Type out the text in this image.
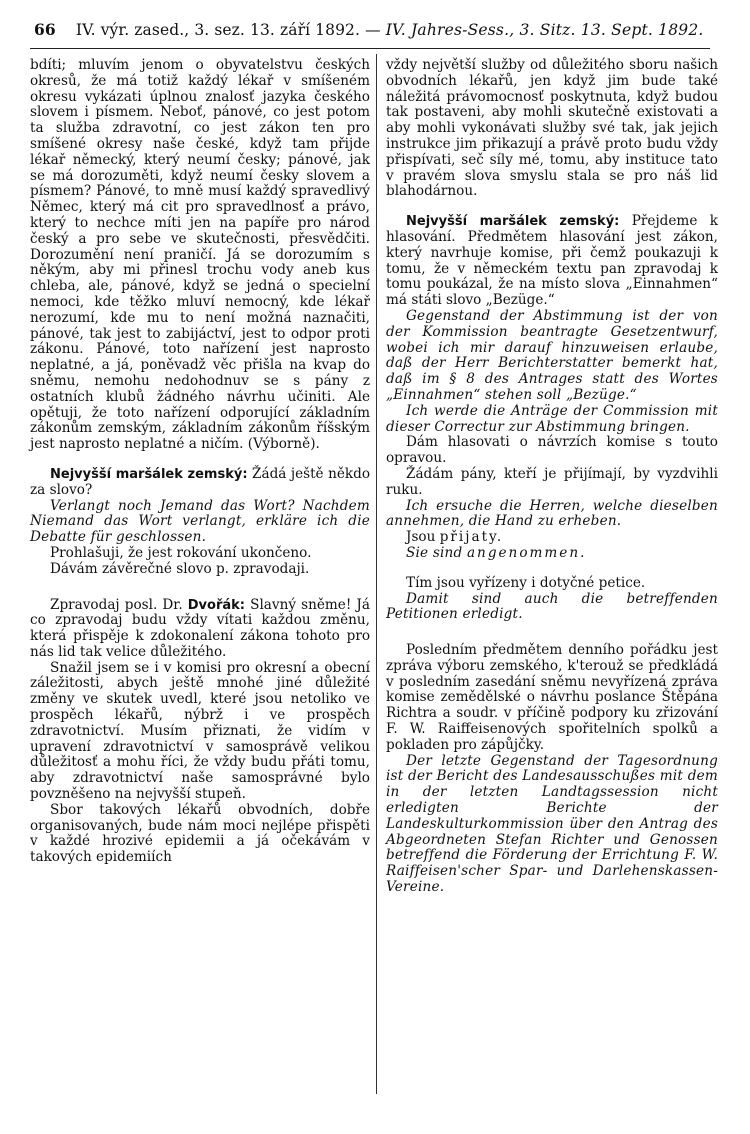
66 IV. výr. zased., 3. sez. 13. září 1892. — IV. Jahres-Sess., 3. Sitz. 13. Sept. 1892.

bdíti; mluvím jenom o obyvatelstvu českých okresů, že má totiž každý lékař v smíšeném okresu vykázati úplnou znalosť jazyka českého slovem i písmem. Neboť, pánové, co jest potom ta služba zdravotní, co jest zákon ten pro smíšené okresy naše české, když tam přijde lékař německý, který neumí česky; pánové, jak se má dorozuměti, když neumí česky slovem a písmem? Pánové, to mně musí každý spravedlivý Němec, který má cit pro spravedlnosť a právo, který to nechce míti jen na papíře pro národ český a pro sebe ve skutečnosti, přesvědčiti. Dorozumění není praničí. Já se dorozumím s někým, aby mi přinesl trochu vody aneb kus chleba, ale, pánové, když se jedná o specielní nemoci, kde těžko mluví nemocný, kde lékař nerozumí, kde mu to není možná naznačiti, pánové, tak jest to zabijáctví, jest to odpor proti zákonu. Pánové, toto nařízení jest naprosto neplatné, a já, poněvadž věc přišla na kvap do sněmu, nemohu nedohodnuv se s pány z ostatních klubů žádného návrhu učiniti. Ale opětuji, že toto nařízení odporující základním zákonům zemským, základním zákonům říšským jest naprosto neplatné a ničím. (Výborně).

Nejvyšší maršálek zemský: Žádá ještě někdo za slovo?

Verlangt noch Jemand das Wort? Nachdem Niemand das Wort verlangt, erkläre ich die Debatte für geschlossen.

Prohlašuji, že jest rokování ukončeno.

Dávám závěrečné slovo p. zpravodaji.

Zpravodaj posl. Dr. Dvořák: Slavný sněme! Já co zpravodaj budu vždy vítati každou změnu, která přispěje k zdokonalení zákona tohoto pro nás lid tak velice důležitého.

Snažil jsem se i v komisi pro okresní a obecní záležitosti, abych ještě mnohé jiné důležité změny ve skutek uvedl, které jsou netoliko ve prospěch lékařů, nýbrž i ve prospěch zdravotnictví. Musím přiznati, že vidím v upravení zdravotnictví v samosprávě velikou důležitosť a mohu říci, že vždy budu přáti tomu, aby zdravotnictví naše samosprávné bylo povzněšeno na nejvyšší stupeň.

Sbor takových lékařů obvodních, dobře organisovaných, bude nám moci nejlépe přispěti v každé hrozivé epidemii a já očekávám v takových epidemiích

vždy největší služby od důležitého sboru našich obvodních lékařů, jen když jim bude také náležitá právomocnosť poskytnuta, když budou tak postaveni, aby mohli skutečně existovati a aby mohli vykonávati služby své tak, jak jejich instrukce jim přikazují a právě proto budu vždy přispívati, seč síly mé, tomu, aby instituce tato v pravém slova smyslu stala se pro náš lid blahodárnou.

Nejvyšší maršálek zemský: Přejdeme k hlasování. Předmětem hlasování jest zákon, který navrhuje komise, při čemž poukazuji k tomu, že v německém textu pan zpravodaj k tomu poukázal, že na místo slova „Einnahmen“ má státi slovo „Bezüge.“

Gegenstand der Abstimmung ist der von der Kommission beantragte Gesetzentwurf, wobei ich mir darauf hinzuweisen erlaube, daß der Herr Berichterstatter bemerkt hat, daß im § 8 des Antrages statt des Wortes „Einnahmen“ stehen soll „Bezüge.“

Ich werde die Anträge der Commission mit dieser Correctur zur Abstimmung bringen.

Dám hlasovati o návrzích komise s touto opravou.

Žádám pány, kteří je přijímají, by vyzdvihli ruku.

Ich ersuche die Herren, welche dieselben annehmen, die Hand zu erheben.

Jsou přijaty.

Sie sind angenommen.

Tím jsou vyřízeny i dotyčné petice.

Damit sind auch die betreffenden Petitionen erledigt.

Posledním předmětem denního pořádku jest zpráva výboru zemského, k'terouž se předkládá v posledním zasedání sněmu nevyřízená zpráva komise zemědělské o návrhu poslance Štěpána Richtra a soudr. v příčině podpory ku zřizování F. W. Raiffeisenových spořitelních spolků a pokladen pro zápůjčky.

Der letzte Gegenstand der Tagesordnung ist der Bericht des Landesausschußes mit dem in der letzten Landtagssession nicht erledigten Berichte der Landeskulturkommission über den Antrag des Abgeordneten Stefan Richter und Genossen betreffend die Förderung der Errichtung F. W. Raiffeisen'scher Spar- und Darlehenskassen-Vereine.
